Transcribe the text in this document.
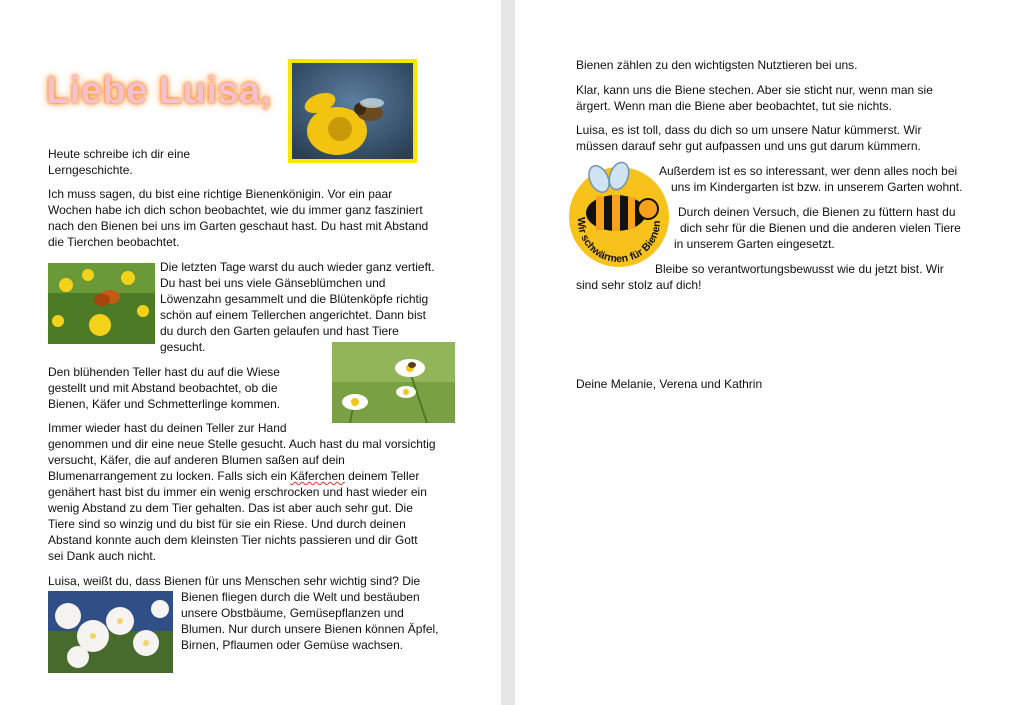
Liebe Luisa,

Heute schreibe ich dir eine
Lerngeschichte.

Ich muss sagen, du bist eine richtige Bienenkönigin. Vor ein paar
Wochen habe ich dich schon beobachtet, wie du immer ganz fasziniert
nach den Bienen bei uns im Garten geschaut hast. Du hast mit Abstand
die Tierchen beobachtet.

Die letzten Tage warst du auch wieder ganz vertieft.
Du hast bei uns viele Gänseblümchen und
Löwenzahn gesammelt und die Blütenköpfe richtig
schön auf einem Tellerchen angerichtet. Dann bist
du durch den Garten gelaufen und hast Tiere
gesucht.

Den blühenden Teller hast du auf die Wiese
gestellt und mit Abstand beobachtet, ob die
Bienen, Käfer und Schmetterlinge kommen.

Immer wieder hast du deinen Teller zur Hand
genommen und dir eine neue Stelle gesucht. Auch hast du mal vorsichtig
versucht, Käfer, die auf anderen Blumen saßen auf dein
Blumenarrangement zu locken. Falls sich ein Käferchen deinem Teller
genähert hast bist du immer ein wenig erschrocken und hast wieder ein
wenig Abstand zu dem Tier gehalten. Das ist aber auch sehr gut. Die
Tiere sind so winzig und du bist für sie ein Riese. Und durch deinen
Abstand konnte auch dem kleinsten Tier nichts passieren und dir Gott
sei Dank auch nicht.

Luisa, weißt du, dass Bienen für uns Menschen sehr wichtig sind? Die

Bienen fliegen durch die Welt und bestäuben
unsere Obstbäume, Gemüsepflanzen und
Blumen. Nur durch unsere Bienen können Äpfel,
Birnen, Pflaumen oder Gemüse wachsen.

Bienen zählen zu den wichtigsten Nutztieren bei uns.

Klar, kann uns die Biene stechen. Aber sie sticht nur, wenn man sie
ärgert. Wenn man die Biene aber beobachtet, tut sie nichts.

Luisa, es ist toll, dass du dich so um unsere Natur kümmerst. Wir
müssen darauf sehr gut aufpassen und uns gut darum kümmern.

Wir schwärmen für Bienen

Außerdem ist es so interessant, wer denn alles noch bei
uns im Kindergarten ist bzw. in unserem Garten wohnt.

Durch deinen Versuch, die Bienen zu füttern hast du
dich sehr für die Bienen und die anderen vielen Tiere
in unserem Garten eingesetzt.

Bleibe so verantwortungsbewusst wie du jetzt bist. Wir
sind sehr stolz auf dich!

Deine Melanie, Verena und Kathrin
